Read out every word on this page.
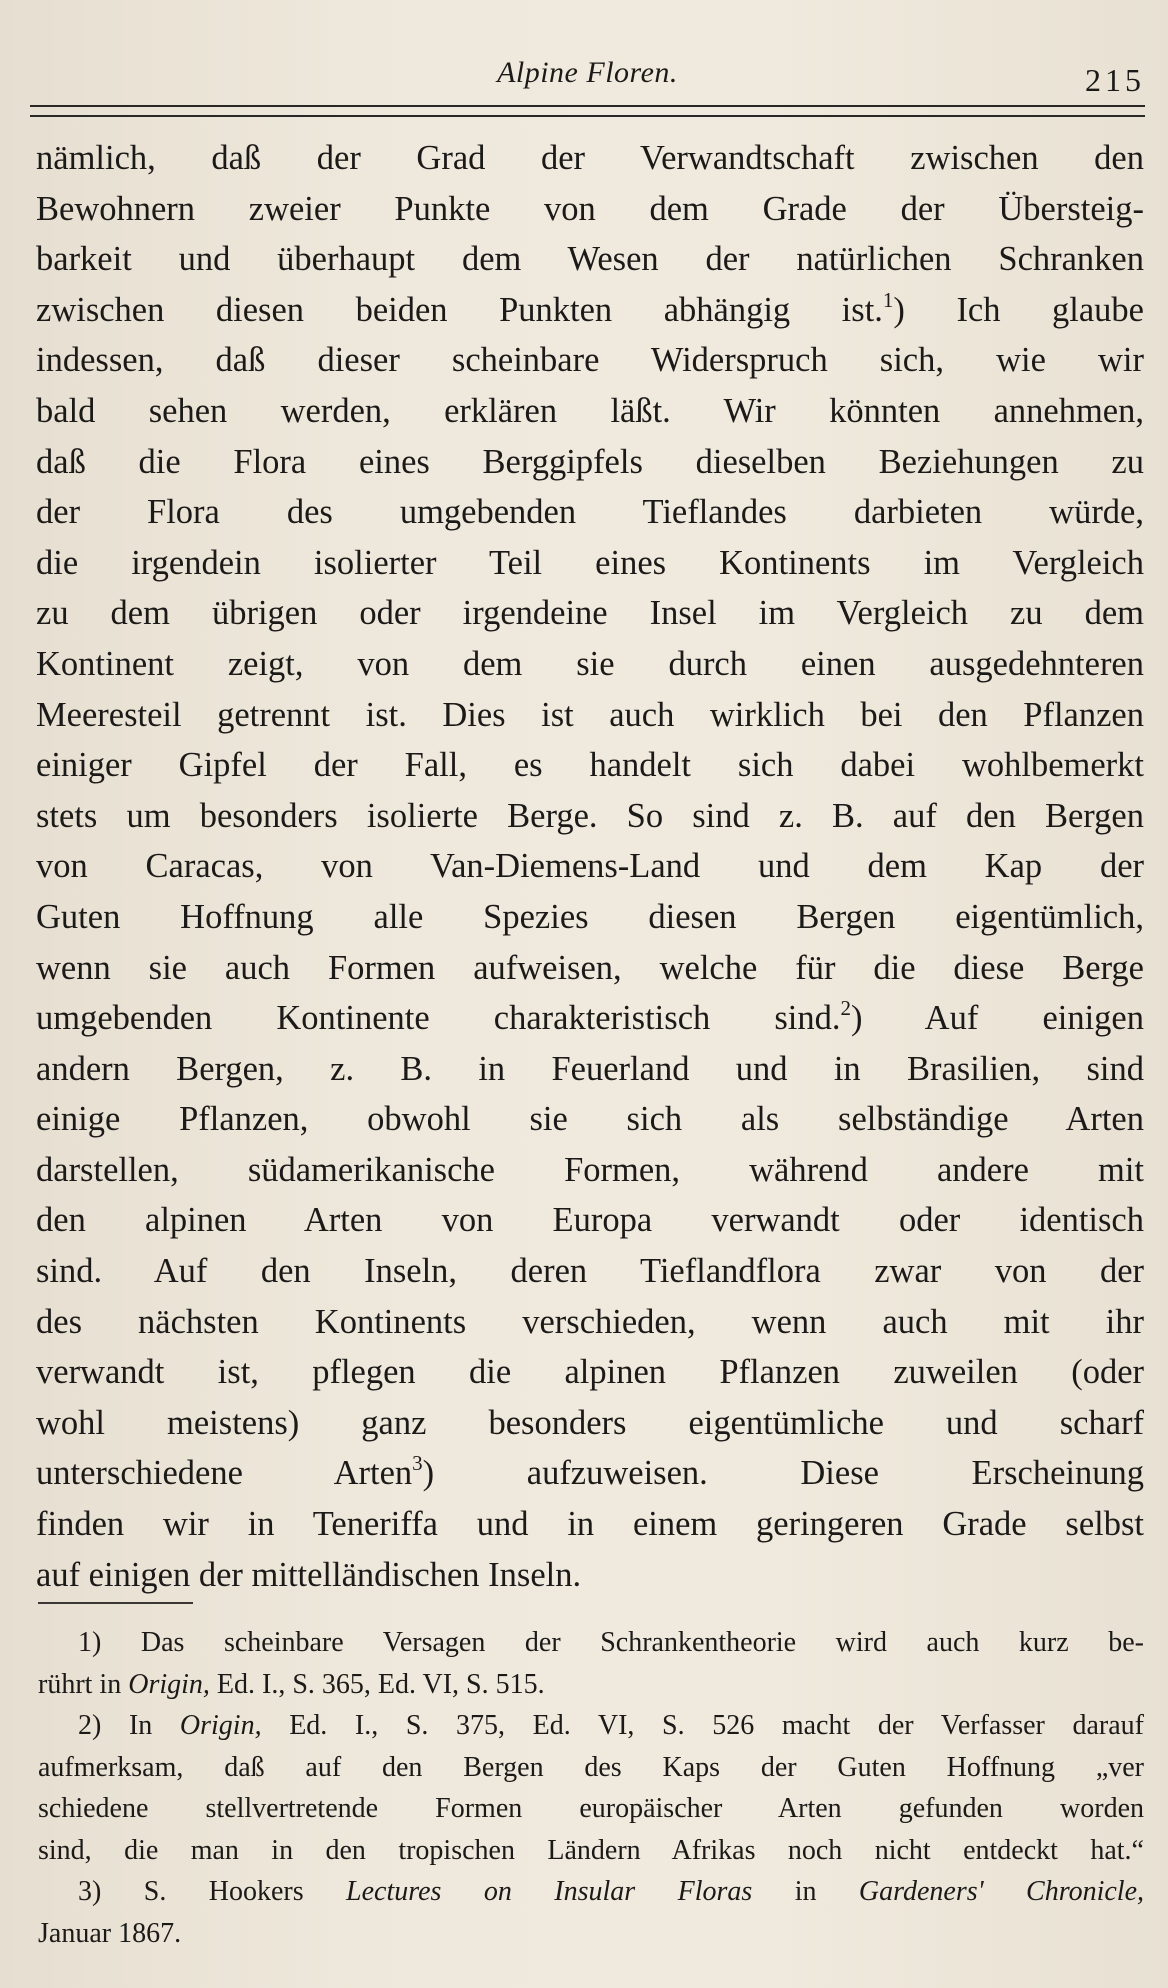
Alpine Floren.	215
nämlich, daß der Grad der Verwandtschaft zwischen den
Bewohnern zweier Punkte von dem Grade der Übersteig-
barkeit und überhaupt dem Wesen der natürlichen Schranken
zwischen diesen beiden Punkten abhängig ist.$^1$) Ich glaube
indessen, daß dieser scheinbare Widerspruch sich, wie wir
bald sehen werden, erklären läßt. Wir könnten annehmen,
daß die Flora eines Berggipfels dieselben Beziehungen zu
der Flora des umgebenden Tieflandes darbieten würde,
die irgendein isolierter Teil eines Kontinents im Vergleich
zu dem übrigen oder irgendeine Insel im Vergleich zu dem
Kontinent zeigt, von dem sie durch einen ausgedehnteren
Meeresteil getrennt ist. Dies ist auch wirklich bei den Pflanzen
einiger Gipfel der Fall, es handelt sich dabei wohlbemerkt
stets um besonders isolierte Berge. So sind z. B. auf den Bergen
von Caracas, von Van-Diemens-Land und dem Kap der
Guten Hoffnung alle Spezies diesen Bergen eigentümlich,
wenn sie auch Formen aufweisen, welche für die diese Berge
umgebenden Kontinente charakteristisch sind.$^2$) Auf einigen
andern Bergen, z. B. in Feuerland und in Brasilien, sind
einige Pflanzen, obwohl sie sich als selbständige Arten
darstellen, südamerikanische Formen, während andere mit
den alpinen Arten von Europa verwandt oder identisch
sind. Auf den Inseln, deren Tieflandflora zwar von der
des nächsten Kontinents verschieden, wenn auch mit ihr
verwandt ist, pflegen die alpinen Pflanzen zuweilen (oder
wohl meistens) ganz besonders eigentümliche und scharf
unterschiedene Arten$^3$) aufzuweisen. Diese Erscheinung
finden wir in Teneriffa und in einem geringeren Grade selbst
auf einigen der mittelländischen Inseln.
1) Das scheinbare Versagen der Schrankentheorie wird auch kurz be-
rührt in Origin, Ed. I., S. 365, Ed. VI, S. 515.
2) In Origin, Ed. I., S. 375, Ed. VI, S. 526 macht der Verfasser darauf
aufmerksam, daß auf den Bergen des Kaps der Guten Hoffnung „ver
schiedene stellvertretende Formen europäischer Arten gefunden worden
sind, die man in den tropischen Ländern Afrikas noch nicht entdeckt hat.“
3) S. Hookers Lectures on Insular Floras in Gardeners' Chronicle,
Januar 1867.
